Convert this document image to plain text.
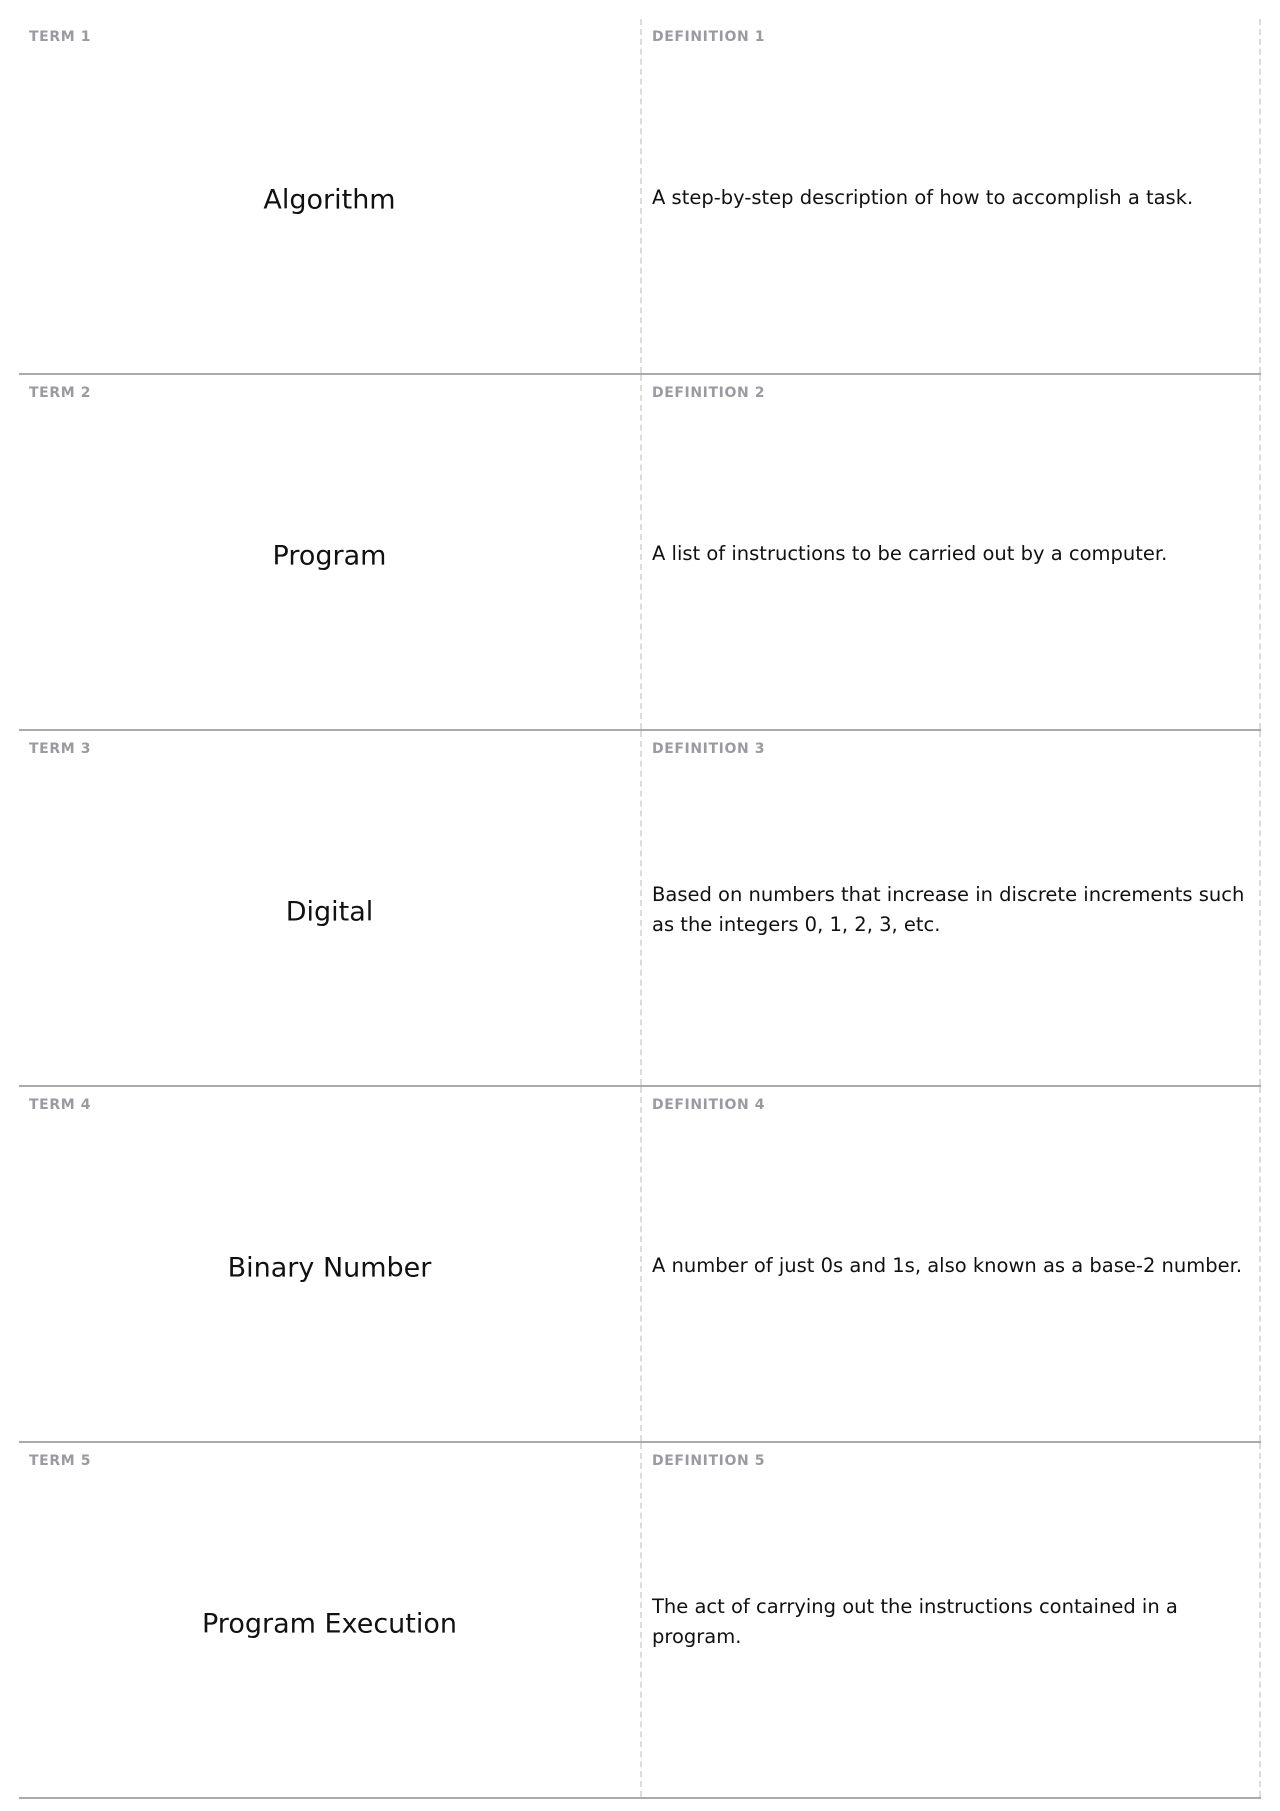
TERM 1
Algorithm
DEFINITION 1
A step-by-step description of how to accomplish a task.
TERM 2
Program
DEFINITION 2
A list of instructions to be carried out by a computer.
TERM 3
Digital
DEFINITION 3
Based on numbers that increase in discrete increments such as the integers 0, 1, 2, 3, etc.
TERM 4
Binary Number
DEFINITION 4
A number of just 0s and 1s, also known as a base-2 number.
TERM 5
Program Execution
DEFINITION 5
The act of carrying out the instructions contained in a program.
